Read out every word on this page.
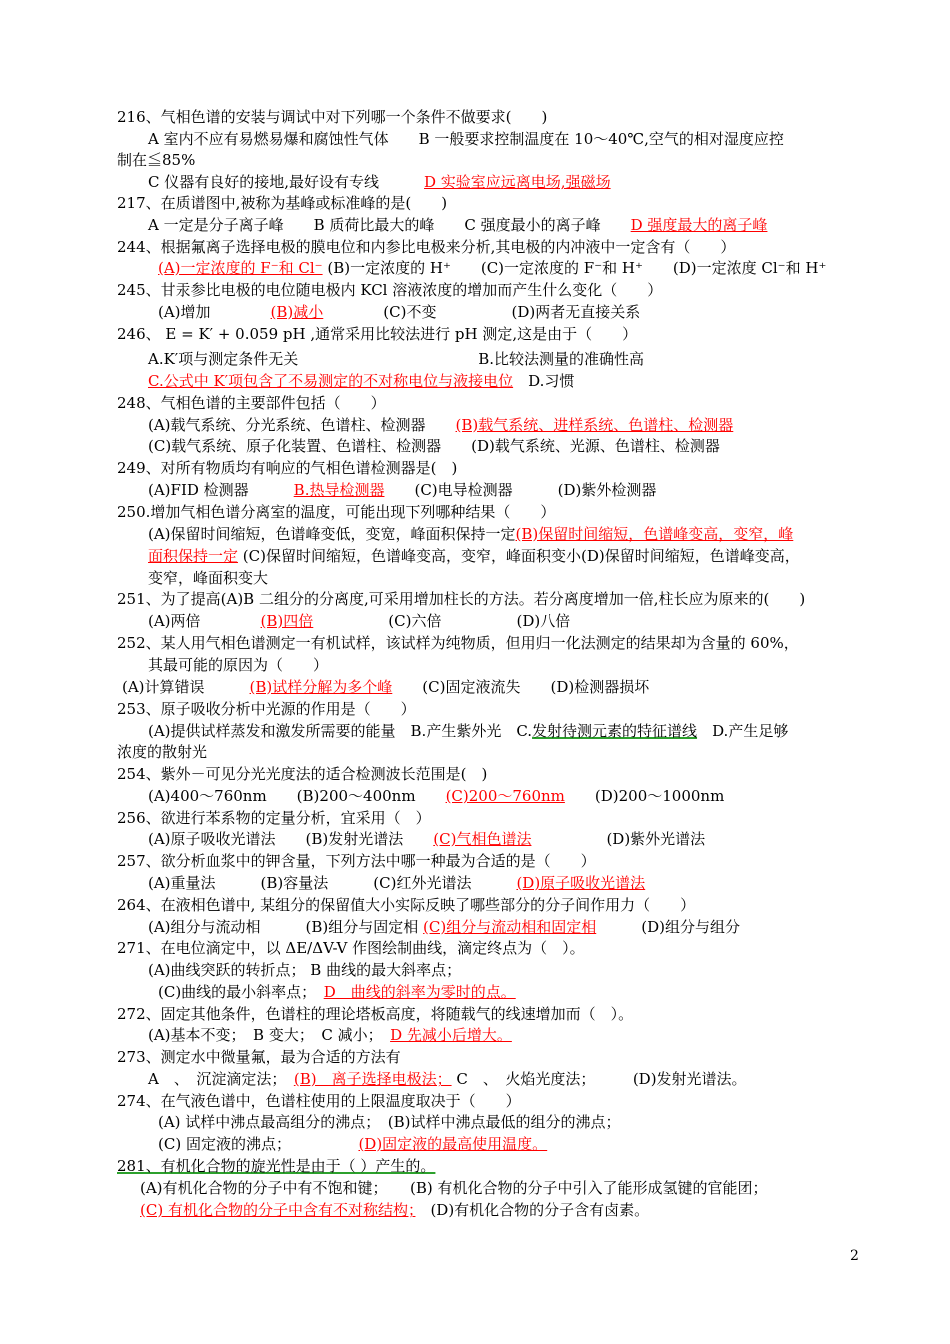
216、气相色谱的安装与调试中对下列哪一个条件不做要求(　　)
A 室内不应有易燃易爆和腐蚀性气体　　B 一般要求控制温度在 10～40℃,空气的相对湿度应控
制在≦85%
C 仪器有良好的接地,最好设有专线　　　D 实验室应远离电场,强磁场
217、在质谱图中,被称为基峰或标准峰的是(　　)
A 一定是分子离子峰　　B 质荷比最大的峰　　C 强度最小的离子峰　　D 强度最大的离子峰
244、根据氟离子选择电极的膜电位和内参比电极来分析,其电极的内冲液中一定含有（　　）
(A)一定浓度的 F⁻和 Cl⁻ (B)一定浓度的 H⁺　　(C)一定浓度的 F⁻和 H⁺　　(D)一定浓度 Cl⁻和 H⁺
245、甘汞参比电极的电位随电极内 KCl 溶液浓度的增加而产生什么变化（　　）
(A)增加　　　　(B)减小　　　　(C)不变　　　　　(D)两者无直接关系
246、 E = K′ + 0.059 pH ,通常采用比较法进行 pH 测定,这是由于（　　）
A.K′项与测定条件无关　　　　　　　　　　　　B.比较法测量的准确性高
C.公式中 K′项包含了不易测定的不对称电位与液接电位　D.习惯
248、气相色谱的主要部件包括（　　）
(A)载气系统、分光系统、色谱柱、检测器　　(B)载气系统、进样系统、色谱柱、检测器
(C)载气系统、原子化装置、色谱柱、检测器　　(D)载气系统、光源、色谱柱、检测器
249、对所有物质均有响应的气相色谱检测器是(　)
(A)FID 检测器　　　B.热导检测器　　(C)电导检测器　　　(D)紫外检测器
250.增加气相色谱分离室的温度，可能出现下列哪种结果（　　）
(A)保留时间缩短，色谱峰变低，变宽，峰面积保持一定(B)保留时间缩短，色谱峰变高，变窄，峰
面积保持一定 (C)保留时间缩短，色谱峰变高，变窄，峰面积变小(D)保留时间缩短，色谱峰变高，
变窄，峰面积变大
251、为了提高(A)B 二组分的分离度,可采用增加柱长的方法。若分离度增加一倍,柱长应为原来的(　　)
(A)两倍　　　　(B)四倍　　　　　(C)六倍　　　　　(D)八倍
252、某人用气相色谱测定一有机试样，该试样为纯物质，但用归一化法测定的结果却为含量的 60%，
其最可能的原因为（　　）
(A)计算错误　　　(B)试样分解为多个峰　　(C)固定液流失　　(D)检测器损坏
253、原子吸收分析中光源的作用是（　　）
(A)提供试样蒸发和激发所需要的能量　B.产生紫外光　C.发射待测元素的特征谱线　D.产生足够
浓度的散射光
254、紫外－可见分光光度法的适合检测波长范围是(　)
(A)400～760nm　　(B)200～400nm　　(C)200～760nm　　(D)200～1000nm
256、欲进行苯系物的定量分析，宜采用（　）
(A)原子吸收光谱法　　(B)发射光谱法　　(C)气相色谱法　　　　　(D)紫外光谱法
257、欲分析血浆中的钾含量，下列方法中哪一种最为合适的是（　　）
(A)重量法　　　(B)容量法　　　(C)红外光谱法　　　(D)原子吸收光谱法
264、在液相色谱中, 某组分的保留值大小实际反映了哪些部分的分子间作用力（　　）
(A)组分与流动相　　　(B)组分与固定相 (C)组分与流动相和固定相　　　(D)组分与组分
271、在电位滴定中，以 ΔE/ΔV-V 作图绘制曲线，滴定终点为（　）。
(A)曲线突跃的转折点； B 曲线的最大斜率点；
(C)曲线的最小斜率点；　D　曲线的斜率为零时的点。
272、固定其他条件，色谱柱的理论塔板高度，将随载气的线速增加而（　）。
(A)基本不变；　B 变大；　C 减小；　D 先减小后增大。
273、测定水中微量氟，最为合适的方法有
A　、　沉淀滴定法；　(B)　离子选择电极法； C　、　火焰光度法；　　　(D)发射光谱法。
274、在气液色谱中，色谱柱使用的上限温度取决于（　　）
(A) 试样中沸点最高组分的沸点；　(B)试样中沸点最低的组分的沸点；
(C) 固定液的沸点；　　　　　(D)固定液的最高使用温度。
281、有机化合物的旋光性是由于（ ）产生的。
(A)有机化合物的分子中有不饱和键；　　(B) 有机化合物的分子中引入了能形成氢键的官能团；
(C) 有机化合物的分子中含有不对称结构；　(D)有机化合物的分子含有卤素。
2
